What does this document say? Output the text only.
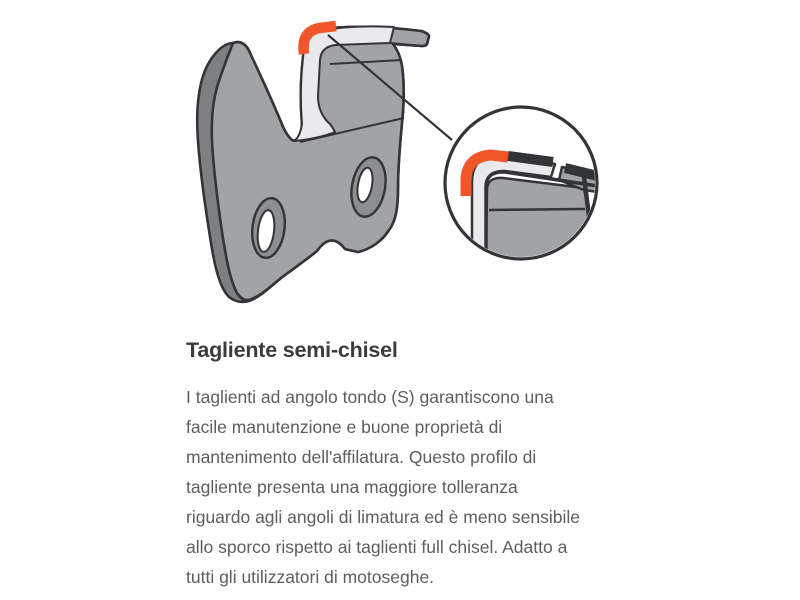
Tagliente semi-chisel

I taglienti ad angolo tondo (S) garantiscono una
facile manutenzione e buone proprietà di
mantenimento dell'affilatura. Questo profilo di
tagliente presenta una maggiore tolleranza
riguardo agli angoli di limatura ed è meno sensibile
allo sporco rispetto ai taglienti full chisel. Adatto a
tutti gli utilizzatori di motoseghe.
